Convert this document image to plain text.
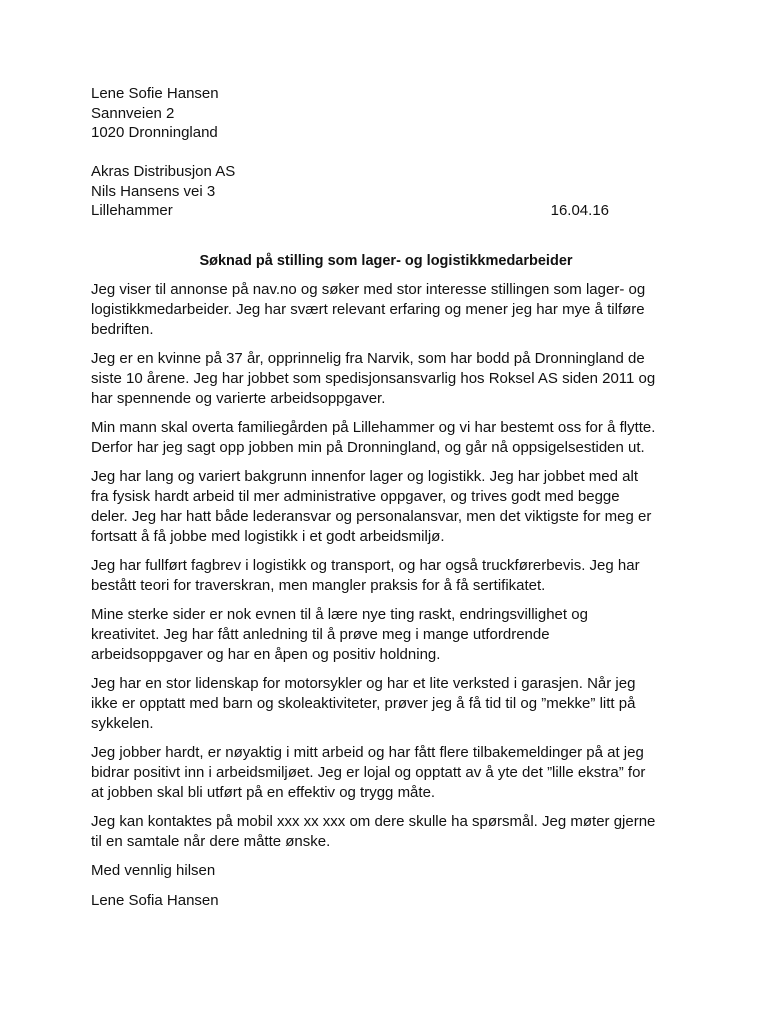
Lene Sofie Hansen
Sannveien 2
1020 Dronningland
Akras Distribusjon AS
Nils Hansens vei 3
Lillehammer	16.04.16
Søknad på stilling som lager- og logistikkmedarbeider

Jeg viser til annonse på nav.no og søker med stor interesse stillingen som lager- og
logistikkmedarbeider. Jeg har svært relevant erfaring og mener jeg har mye å tilføre
bedriften.

Jeg er en kvinne på 37 år, opprinnelig fra Narvik, som har bodd på Dronningland de
siste 10 årene. Jeg har jobbet som spedisjonsansvarlig hos Roksel AS siden 2011 og
har spennende og varierte arbeidsoppgaver.

Min mann skal overta familiegården på Lillehammer og vi har bestemt oss for å flytte.
Derfor har jeg sagt opp jobben min på Dronningland, og går nå oppsigelsestiden ut.

Jeg har lang og variert bakgrunn innenfor lager og logistikk. Jeg har jobbet med alt
fra fysisk hardt arbeid til mer administrative oppgaver, og trives godt med begge
deler. Jeg har hatt både lederansvar og personalansvar, men det viktigste for meg er
fortsatt å få jobbe med logistikk i et godt arbeidsmiljø.

Jeg har fullført fagbrev i logistikk og transport, og har også truckførerbevis. Jeg har
bestått teori for traverskran, men mangler praksis for å få sertifikatet.

Mine sterke sider er nok evnen til å lære nye ting raskt, endringsvillighet og
kreativitet. Jeg har fått anledning til å prøve meg i mange utfordrende
arbeidsoppgaver og har en åpen og positiv holdning.

Jeg har en stor lidenskap for motorsykler og har et lite verksted i garasjen. Når jeg
ikke er opptatt med barn og skoleaktiviteter, prøver jeg å få tid til og ”mekke” litt på
sykkelen.

Jeg jobber hardt, er nøyaktig i mitt arbeid og har fått flere tilbakemeldinger på at jeg
bidrar positivt inn i arbeidsmiljøet. Jeg er lojal og opptatt av å yte det ”lille ekstra” for
at jobben skal bli utført på en effektiv og trygg måte.

Jeg kan kontaktes på mobil xxx xx xxx om dere skulle ha spørsmål. Jeg møter gjerne
til en samtale når dere måtte ønske.

Med vennlig hilsen
Lene Sofia Hansen
